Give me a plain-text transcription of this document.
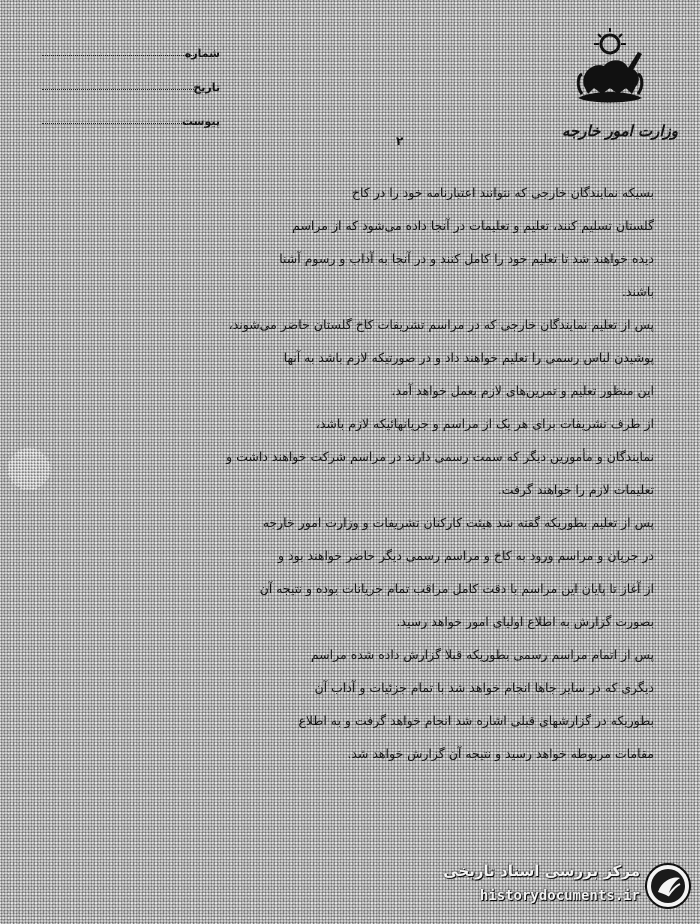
شماره
تاریخ
پیوست
وزارت امور خارجه
۲
بسیکه نمایندگان خارجی که نتوانند اعتبارنامه خود را در کاخ
گلستان تسلیم کنند، تعلیم و تعلیمات در آنجا داده می‌شود که از مراسم
دیده خواهند شد تا تعلیم خود را کامل کنند و در آنجا به آداب و رسوم آشنا
باشند.
پس از تعلیم نمایندگان خارجی که در مراسم تشریفات کاخ گلستان حاضر می‌شوند،
پوشیدن لباس رسمی را تعلیم خواهند داد و در صورتیکه لازم باشد به آنها
این منظور تعلیم و تمرین‌های لازم بعمل خواهد آمد.
از طرف تشریفات برای هر یک از مراسم و جریانهائیکه لازم باشد،
نمایندگان و مأمورین دیگر که سمت رسمی دارند در مراسم شرکت خواهند داشت و
تعلیمات لازم را خواهند گرفت.
پس از تعلیم بطوریکه گفته شد هیئت کارکنان تشریفات و وزارت امور خارجه
در جریان و مراسم ورود به کاخ و مراسم رسمی دیگر حاضر خواهند بود و
از آغاز تا پایان این مراسم با دقت کامل مراقب تمام جریانات بوده و نتیجه آن
بصورت گزارش به اطلاع اولیای امور خواهد رسید.
پس از اتمام مراسم رسمی بطوریکه قبلا گزارش داده شده مراسم
دیگری که در سایر جاها انجام خواهد شد با تمام جزئیات و آداب آن
بطوریکه در گزارشهای قبلی اشاره شد انجام خواهد گرفت و به اطلاع
مقامات مربوطه خواهد رسید و نتیجه آن گزارش خواهد شد.
مرکز بررسی اسناد تاریخی
historydocuments.ir
